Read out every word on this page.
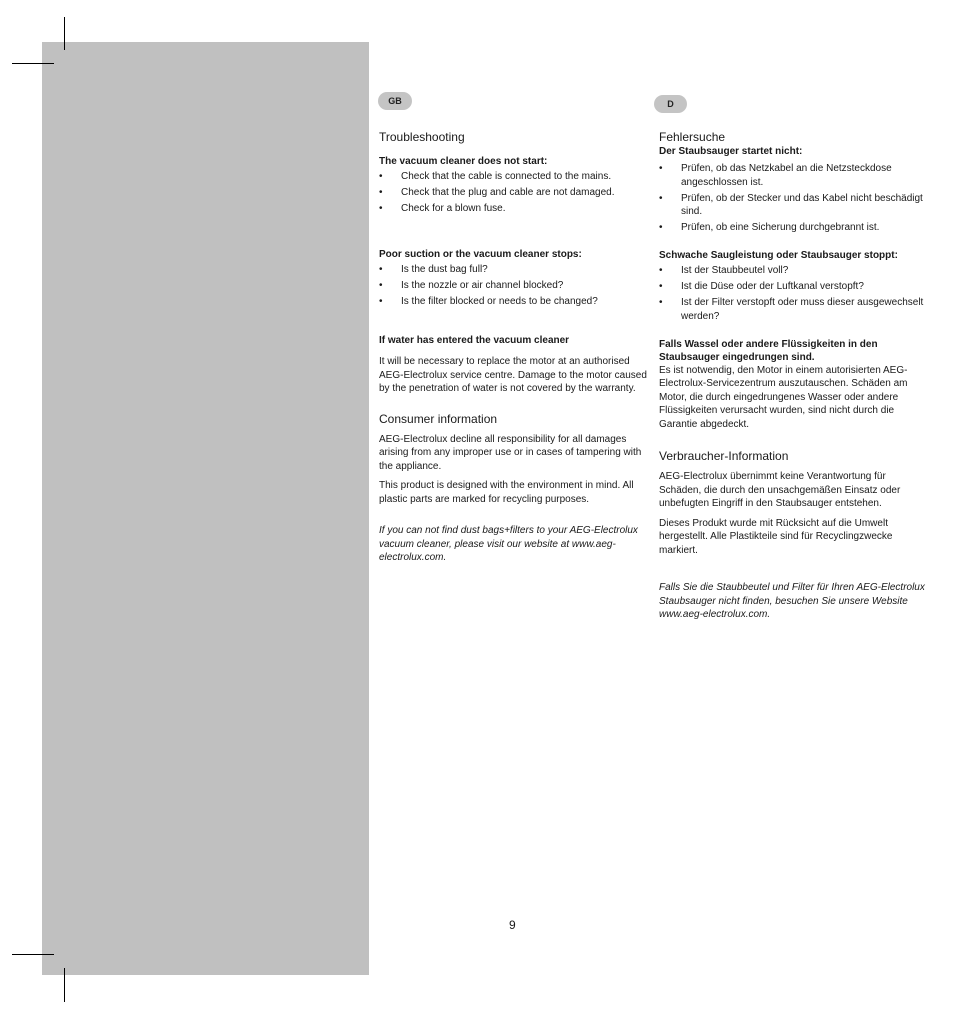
GB	D
Troubleshooting
The vacuum cleaner does not start:
• Check that the cable is connected to the mains.
• Check that the plug and cable are not damaged.
• Check for a blown fuse.
Poor suction or the vacuum cleaner stops:
• Is the dust bag full?
• Is the nozzle or air channel blocked?
• Is the filter blocked or needs to be changed?
If water has entered the vacuum cleaner

It will be necessary to replace the motor at an authorised AEG-Electrolux service centre. Damage to the motor caused by the penetration of water is not covered by the warranty.

Consumer information

AEG-Electrolux decline all responsibility for all damages arising from any improper use or in cases of tampering with the appliance.

This product is designed with the environment in mind. All plastic parts are marked for recycling purposes.

If you can not find dust bags+filters to your AEG-Electrolux vacuum cleaner, please visit our website at www.aeg-electrolux.com.

Fehlersuche
Der Staubsauger startet nicht:
• Prüfen, ob das Netzkabel an die Netzsteckdose angeschlossen ist.
• Prüfen, ob der Stecker und das Kabel nicht beschädigt sind.
• Prüfen, ob eine Sicherung durchgebrannt ist.
Schwache Saugleistung oder Staubsauger stoppt:
• Ist der Staubbeutel voll?
• Ist die Düse oder der Luftkanal verstopft?
• Ist der Filter verstopft oder muss dieser ausgewechselt werden?
Falls Wassel oder andere Flüssigkeiten in den Staubsauger eingedrungen sind.

Es ist notwendig, den Motor in einem autorisierten AEG-Electrolux-Servicezentrum auszutauschen. Schäden am Motor, die durch eingedrungenes Wasser oder andere Flüssigkeiten verursacht wurden, sind nicht durch die Garantie abgedeckt.

Verbraucher-Information

AEG-Electrolux übernimmt keine Verantwortung für Schäden, die durch den unsachgemäßen Einsatz oder unbefugten Eingriff in den Staubsauger entstehen.

Dieses Produkt wurde mit Rücksicht auf die Umwelt hergestellt. Alle Plastikteile sind für Recyclingzwecke markiert.

Falls Sie die Staubbeutel und Filter für Ihren AEG-Electrolux Staubsauger nicht finden, besuchen Sie unsere Website www.aeg-electrolux.com.

9
